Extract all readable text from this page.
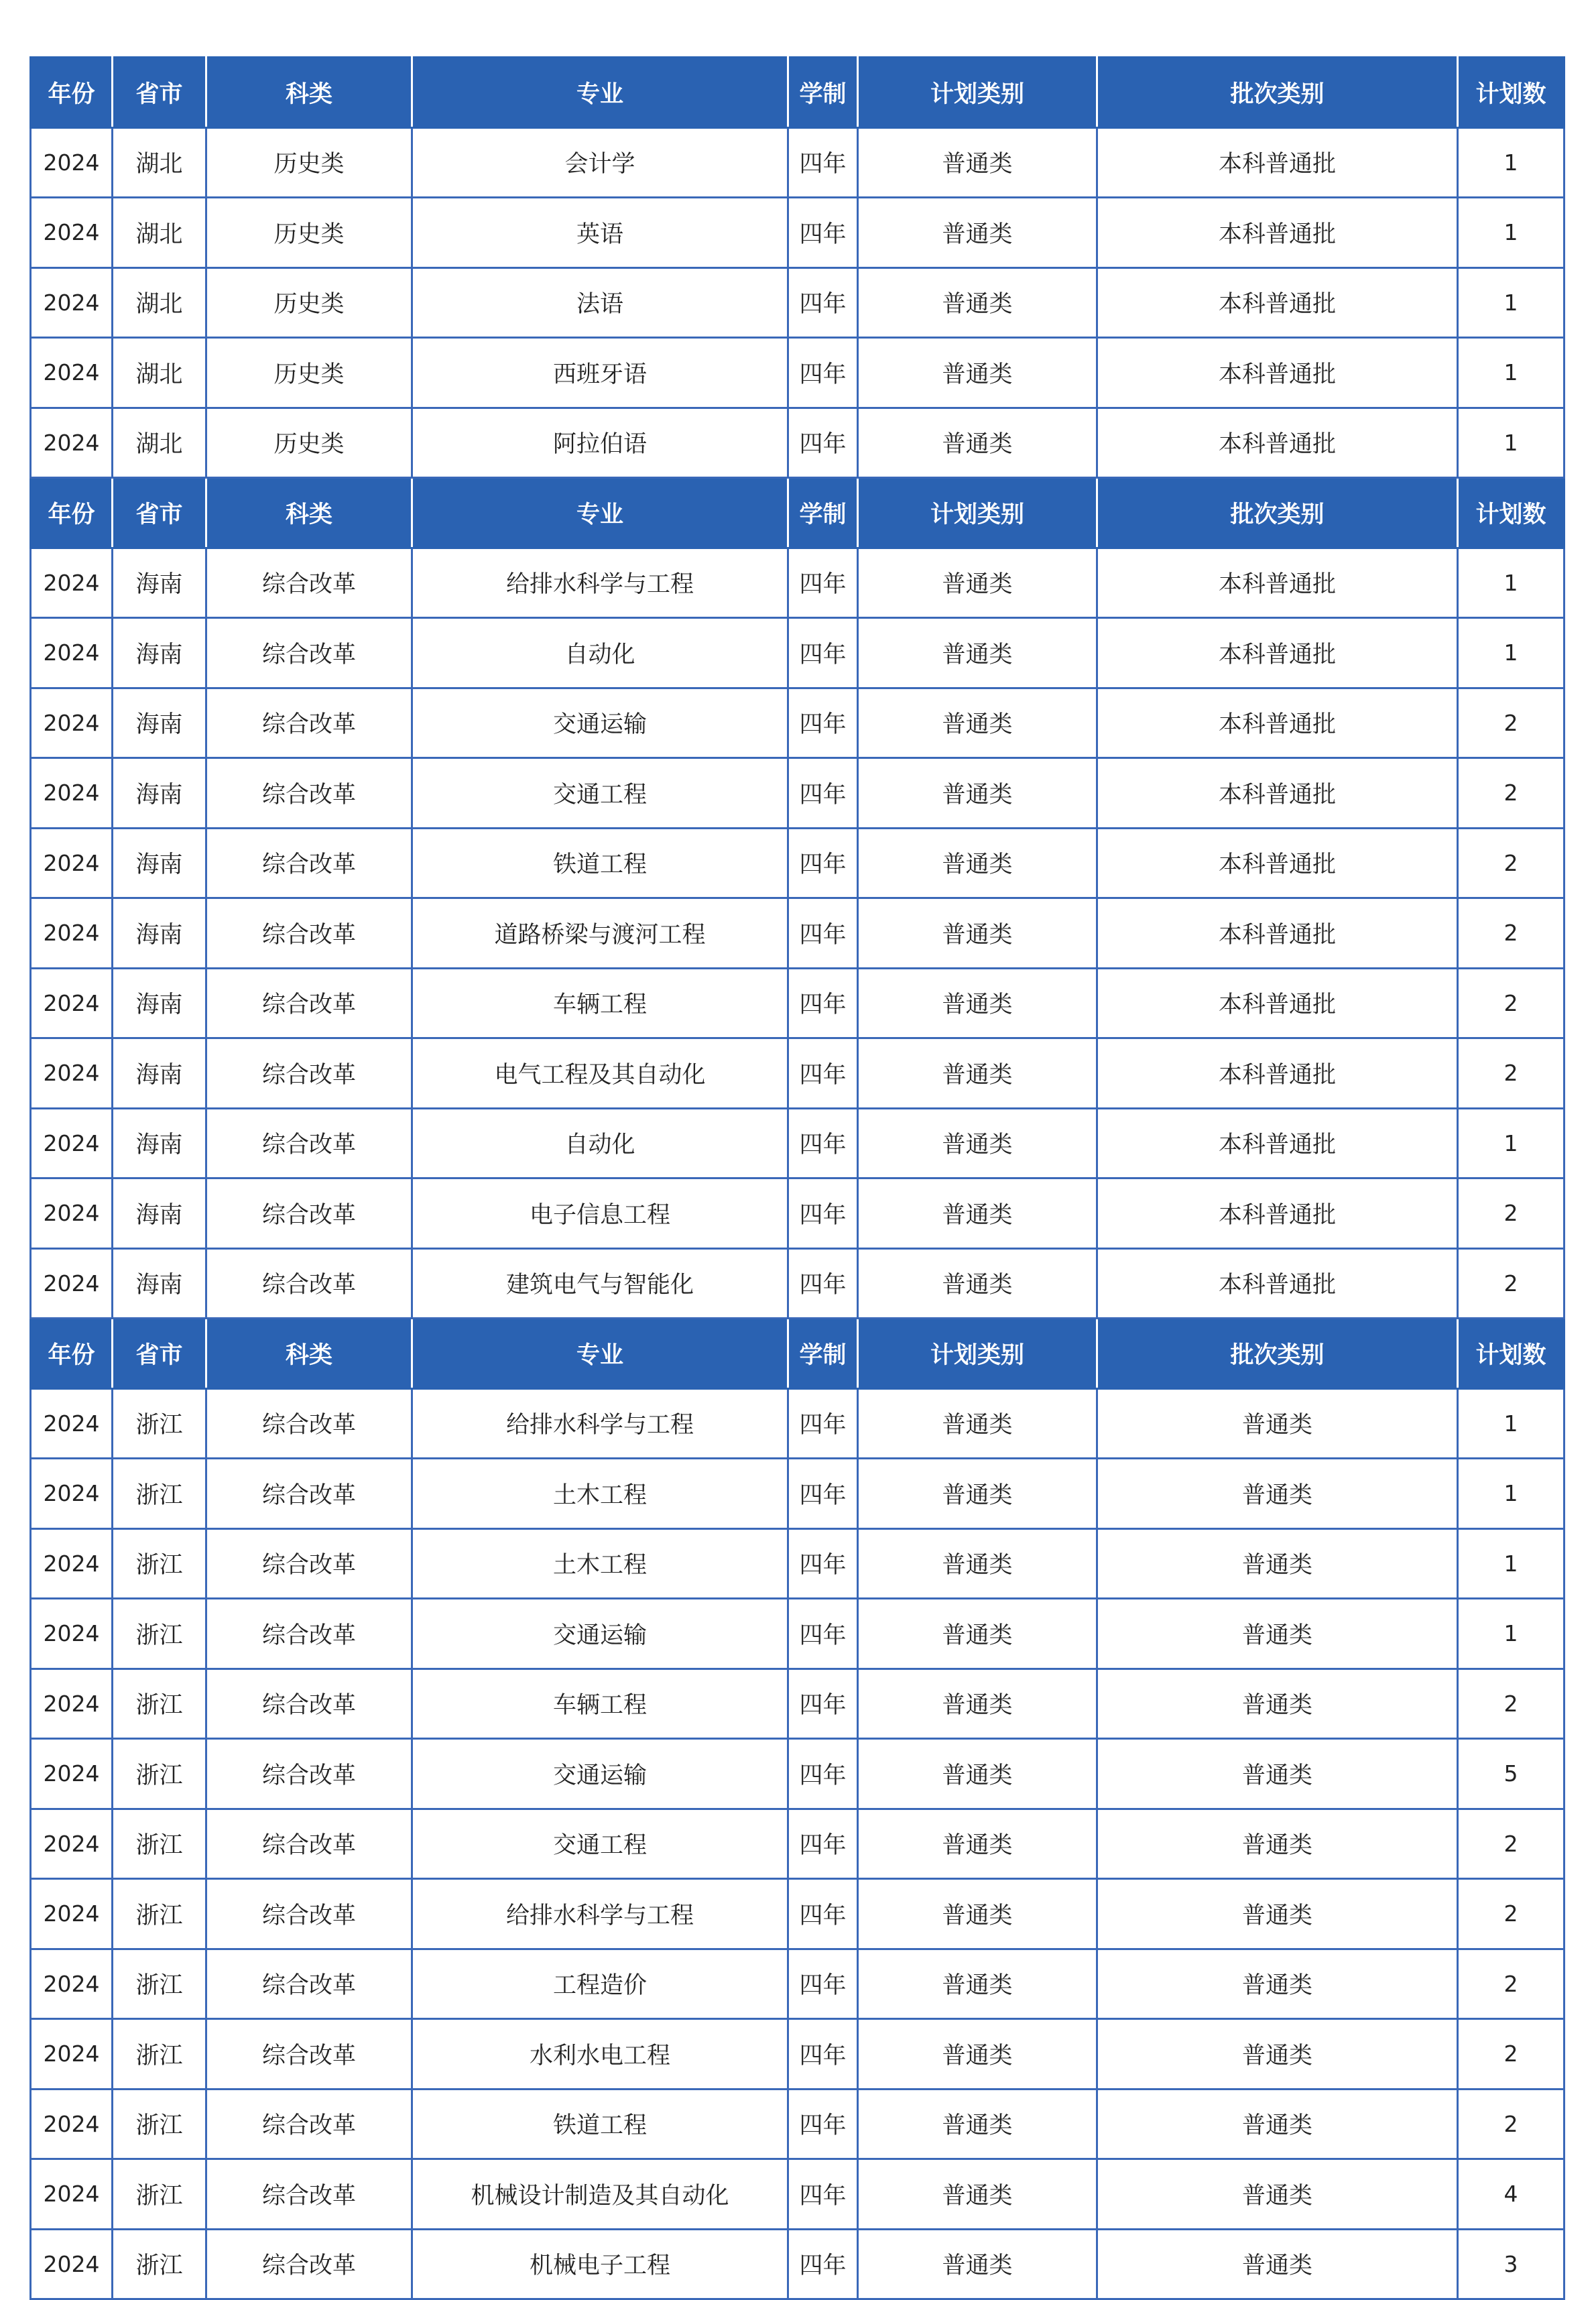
年份	省市	科类	专业	学制	计划类别	批次类别	计划数
2024	湖北	历史类	会计学	四年	普通类	本科普通批	1
2024	湖北	历史类	英语	四年	普通类	本科普通批	1
2024	湖北	历史类	法语	四年	普通类	本科普通批	1
2024	湖北	历史类	西班牙语	四年	普通类	本科普通批	1
2024	湖北	历史类	阿拉伯语	四年	普通类	本科普通批	1
年份	省市	科类	专业	学制	计划类别	批次类别	计划数
2024	海南	综合改革	给排水科学与工程	四年	普通类	本科普通批	1
2024	海南	综合改革	自动化	四年	普通类	本科普通批	1
2024	海南	综合改革	交通运输	四年	普通类	本科普通批	2
2024	海南	综合改革	交通工程	四年	普通类	本科普通批	2
2024	海南	综合改革	铁道工程	四年	普通类	本科普通批	2
2024	海南	综合改革	道路桥梁与渡河工程	四年	普通类	本科普通批	2
2024	海南	综合改革	车辆工程	四年	普通类	本科普通批	2
2024	海南	综合改革	电气工程及其自动化	四年	普通类	本科普通批	2
2024	海南	综合改革	自动化	四年	普通类	本科普通批	1
2024	海南	综合改革	电子信息工程	四年	普通类	本科普通批	2
2024	海南	综合改革	建筑电气与智能化	四年	普通类	本科普通批	2
年份	省市	科类	专业	学制	计划类别	批次类别	计划数
2024	浙江	综合改革	给排水科学与工程	四年	普通类	普通类	1
2024	浙江	综合改革	土木工程	四年	普通类	普通类	1
2024	浙江	综合改革	土木工程	四年	普通类	普通类	1
2024	浙江	综合改革	交通运输	四年	普通类	普通类	1
2024	浙江	综合改革	车辆工程	四年	普通类	普通类	2
2024	浙江	综合改革	交通运输	四年	普通类	普通类	5
2024	浙江	综合改革	交通工程	四年	普通类	普通类	2
2024	浙江	综合改革	给排水科学与工程	四年	普通类	普通类	2
2024	浙江	综合改革	工程造价	四年	普通类	普通类	2
2024	浙江	综合改革	水利水电工程	四年	普通类	普通类	2
2024	浙江	综合改革	铁道工程	四年	普通类	普通类	2
2024	浙江	综合改革	机械设计制造及其自动化	四年	普通类	普通类	4
2024	浙江	综合改革	机械电子工程	四年	普通类	普通类	3
